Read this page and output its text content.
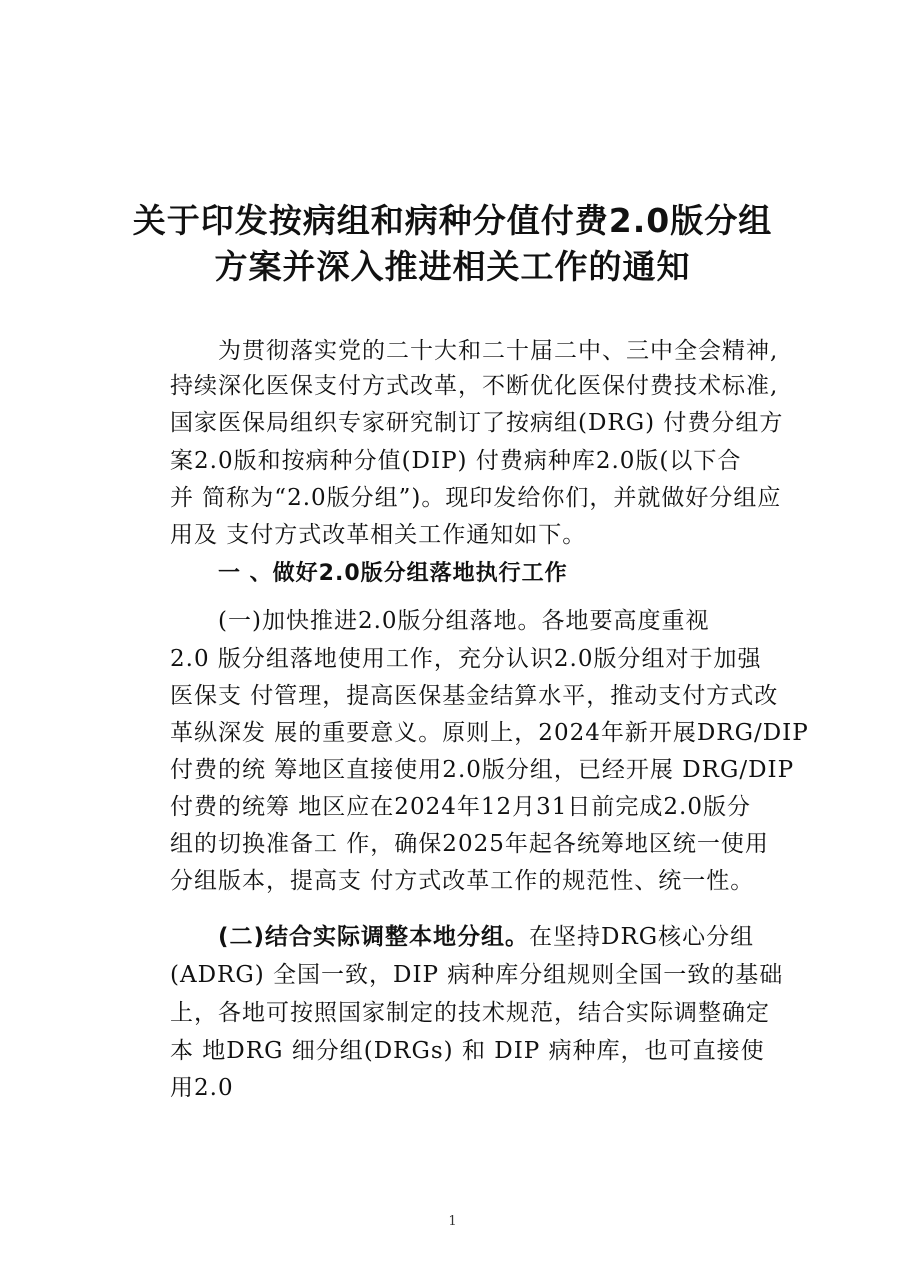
关于印发按病组和病种分值付费2.0版分组
方案并深入推进相关工作的通知
为贯彻落实党的二十大和二十届二中、三中全会精神,
持续深化医保支付方式改革，不断优化医保付费技术标准,
国家医保局组织专家研究制订了按病组(DRG) 付费分组方
案2.0版和按病种分值(DIP) 付费病种库2.0版(以下合
并 简称为“2.0版分组”)。现印发给你们，并就做好分组应
用及 支付方式改革相关工作通知如下。
一 、做好2.0版分组落地执行工作
(一)加快推进2.0版分组落地。各地要高度重视
2.0 版分组落地使用工作，充分认识2.0版分组对于加强
医保支 付管理，提高医保基金结算水平，推动支付方式改
革纵深发 展的重要意义。原则上，2024年新开展DRG/DIP
付费的统 筹地区直接使用2.0版分组，已经开展 DRG/DIP
付费的统筹 地区应在2024年12月31日前完成2.0版分
组的切换准备工 作，确保2025年起各统筹地区统一使用
分组版本，提高支 付方式改革工作的规范性、统一性。
(二)结合实际调整本地分组。在坚持DRG核心分组
(ADRG) 全国一致，DIP 病种库分组规则全国一致的基础
上，各地可按照国家制定的技术规范，结合实际调整确定
本 地DRG 细分组(DRGs) 和 DIP 病种库，也可直接使
用2.0
1
